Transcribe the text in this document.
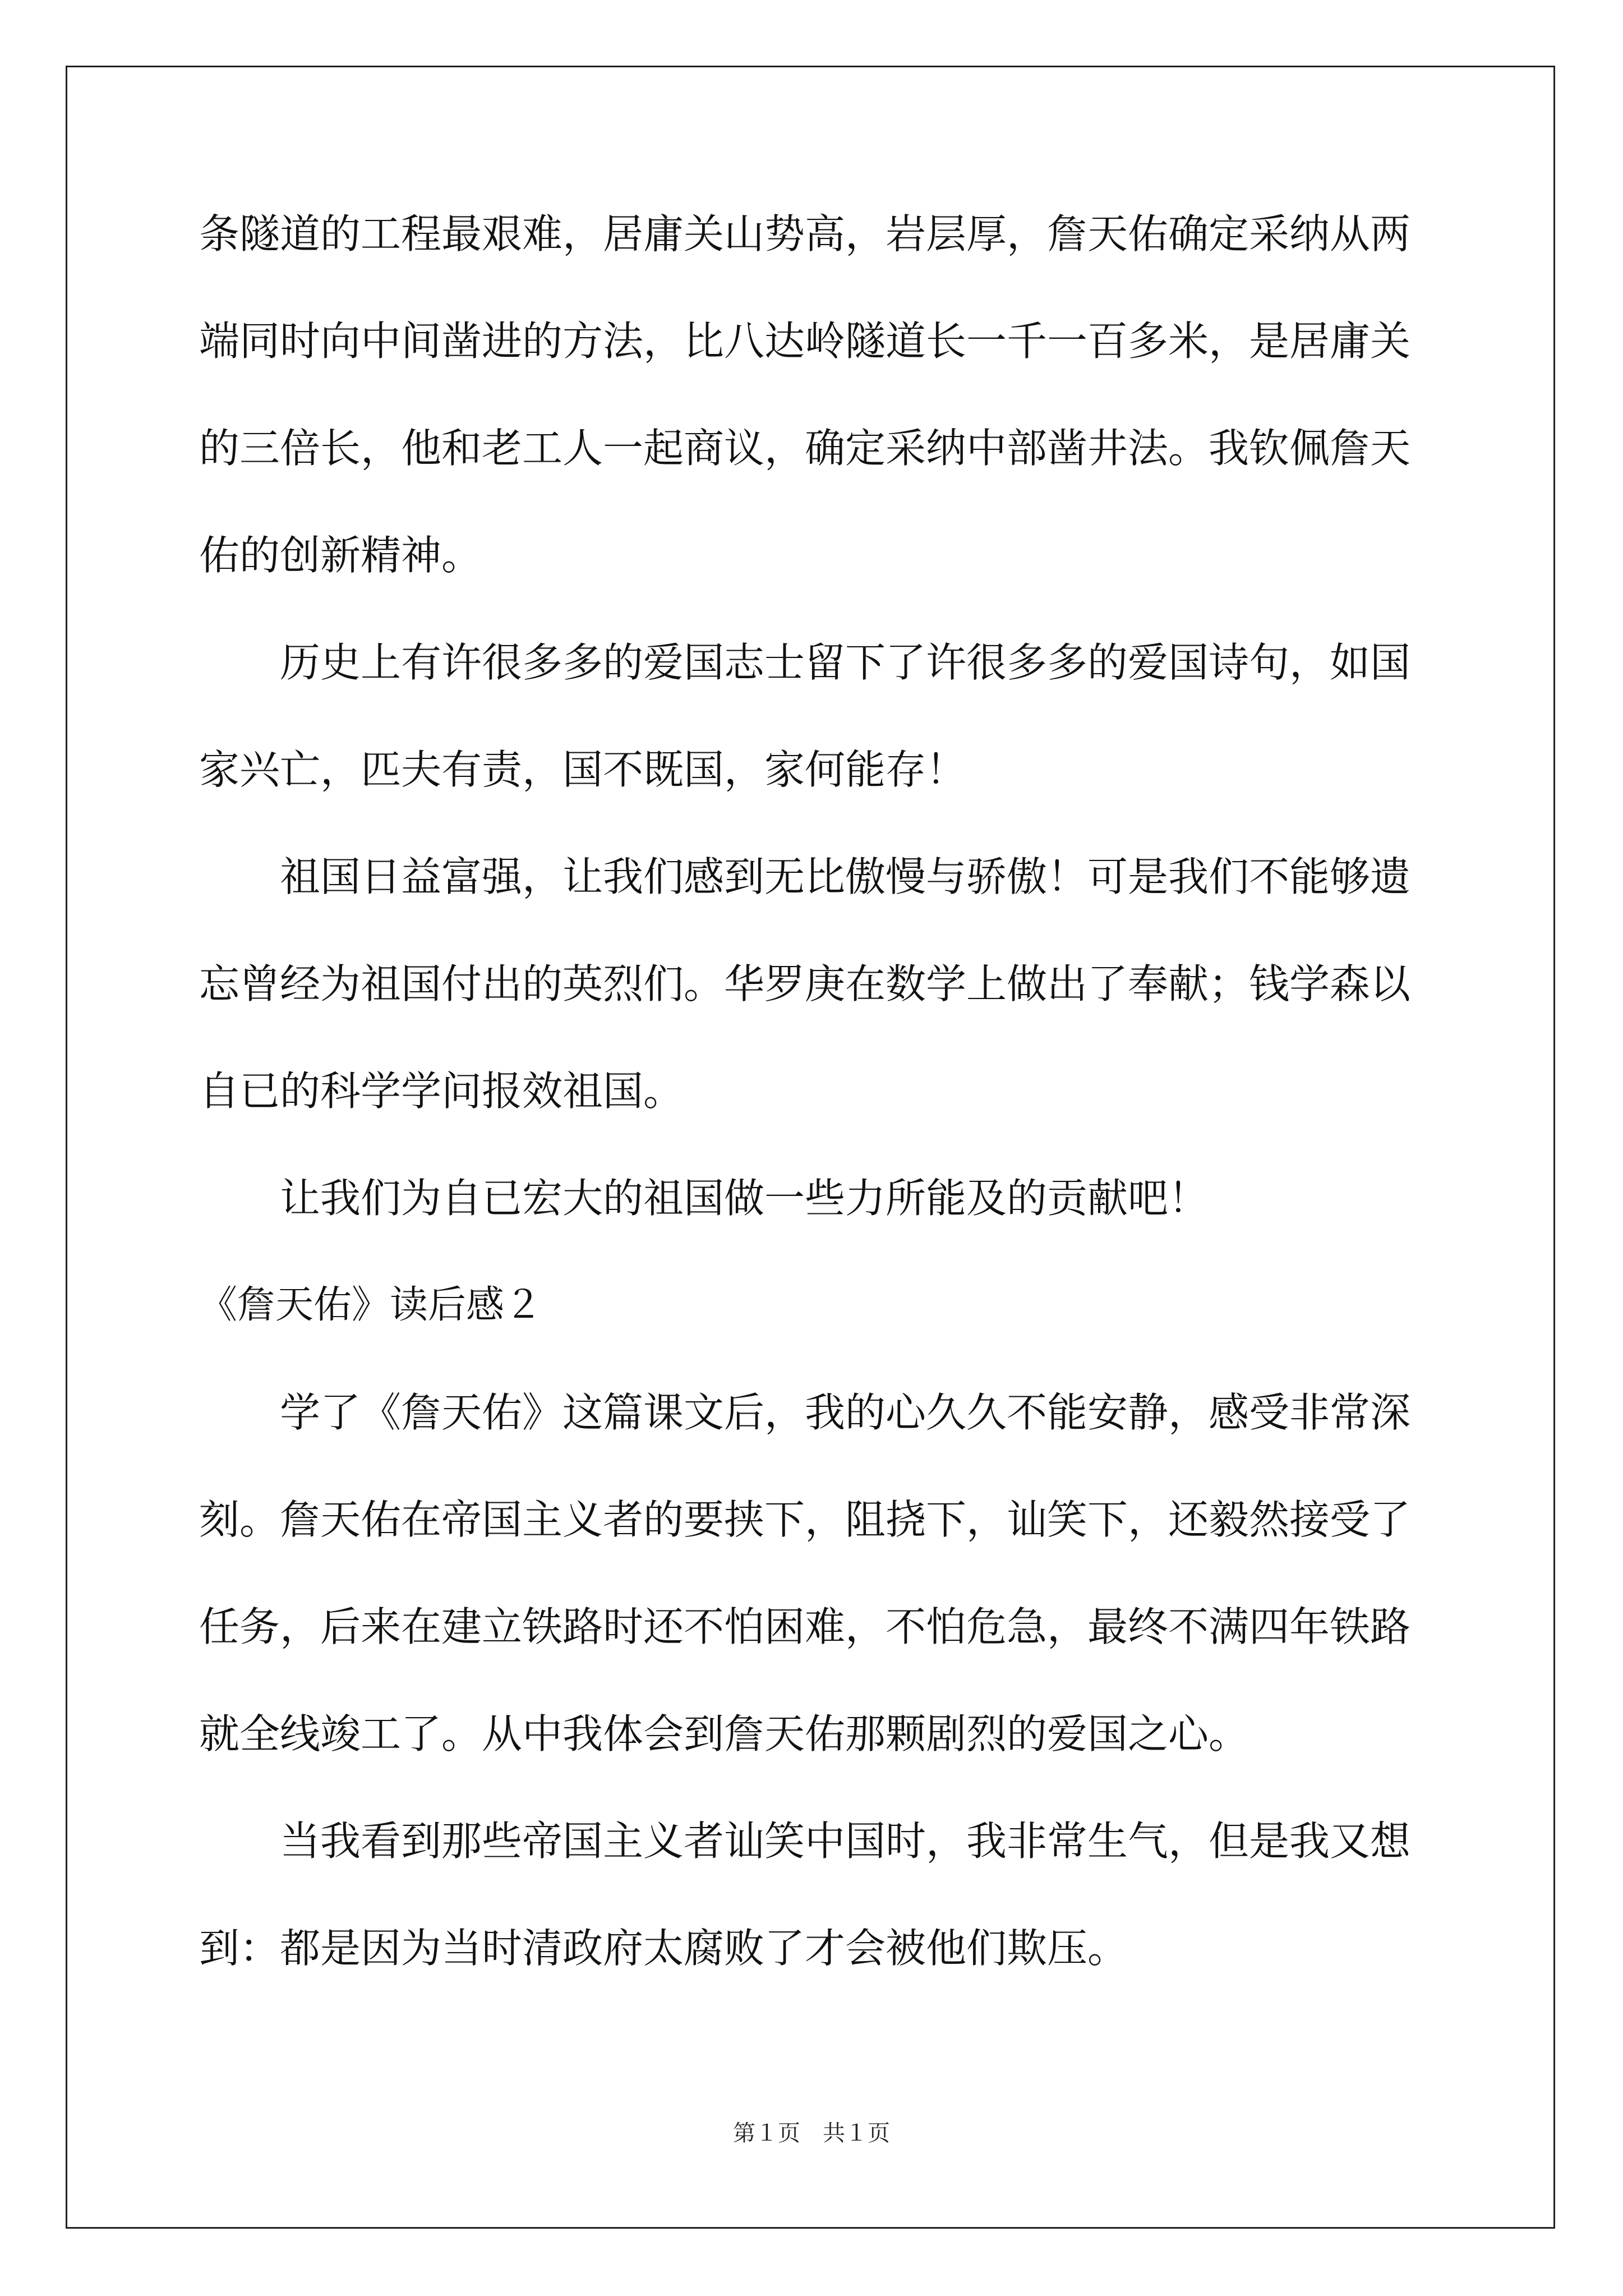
条隧道的工程最艰难，居庸关山势高，岩层厚，詹天佑确定采纳从两
端同时向中间凿进的方法，比八达岭隧道长一千一百多米，是居庸关
的三倍长，他和老工人一起商议，确定采纳中部凿井法。我钦佩詹天
佑的创新精神。
历史上有许很多多的爱国志士留下了许很多多的爱国诗句，如国
家兴亡，匹夫有责，国不既国，家何能存！
祖国日益富强，让我们感到无比傲慢与骄傲！可是我们不能够遗
忘曾经为祖国付出的英烈们。华罗庚在数学上做出了奉献；钱学森以
自已的科学学问报效祖国。
让我们为自已宏大的祖国做一些力所能及的贡献吧！
《詹天佑》读后感２
学了《詹天佑》这篇课文后，我的心久久不能安静，感受非常深
刻。詹天佑在帝国主义者的要挟下，阻挠下，讪笑下，还毅然接受了
任务，后来在建立铁路时还不怕困难，不怕危急，最终不满四年铁路
就全线竣工了。从中我体会到詹天佑那颗剧烈的爱国之心。
当我看到那些帝国主义者讪笑中国时，我非常生气，但是我又想
到：都是因为当时清政府太腐败了才会被他们欺压。
第１页　共１页
